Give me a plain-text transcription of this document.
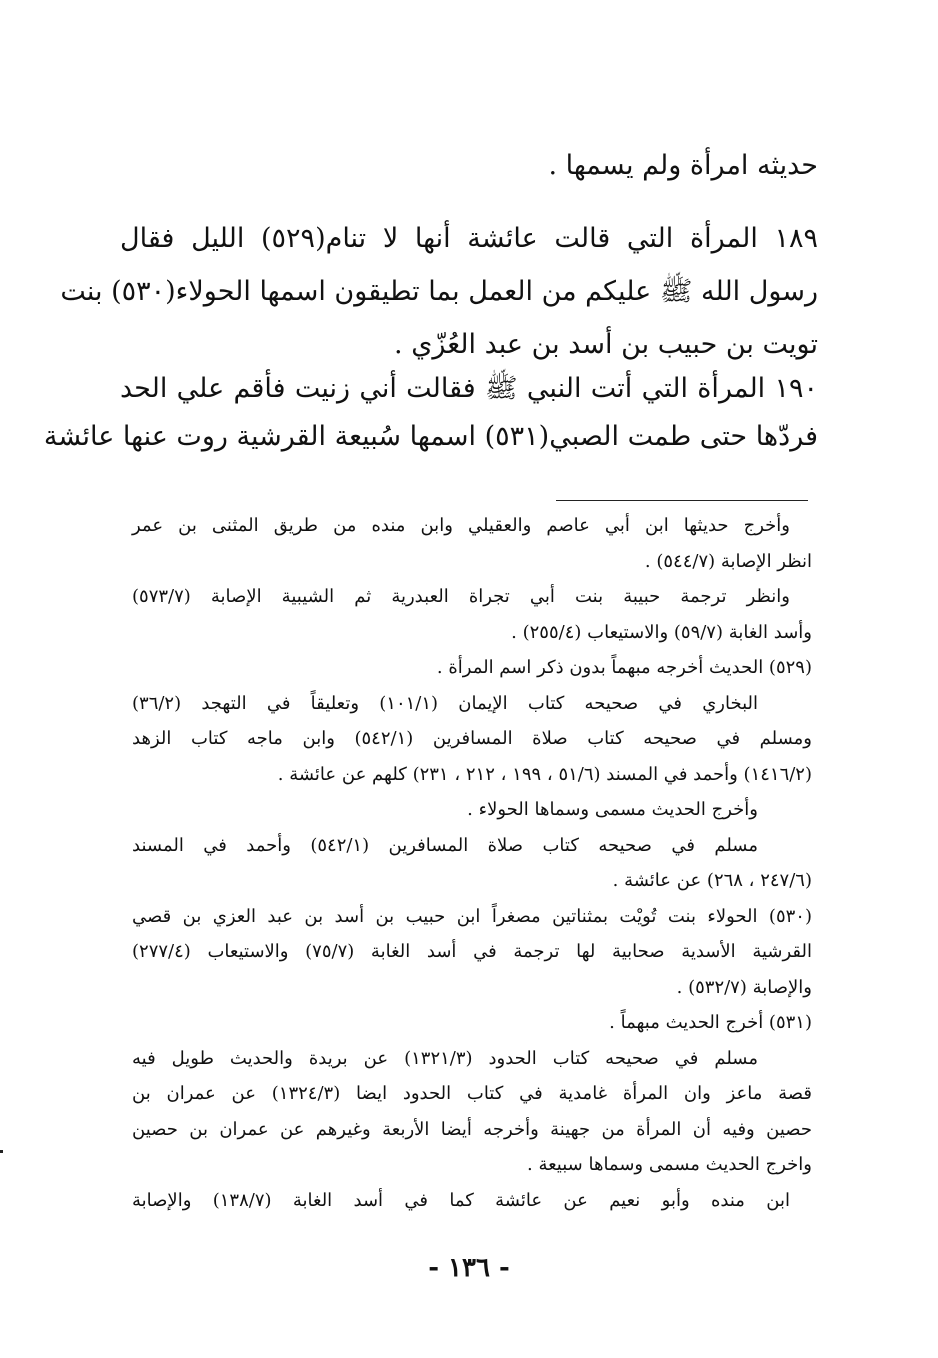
حديثه امرأة ولم يسمها .
١٨٩ المرأة التي قالت عائشة أنها لا تنام(٥٢٩) الليل فقال
رسول الله ﷺ عليكم من العمل بما تطيقون اسمها الحولاء(٥٣٠) بنت
تويت بن حبيب بن أسد بن عبد العُزّي .
١٩٠ المرأة التي أتت النبي ﷺ فقالت أني زنيت فأقم علي الحد
فردّها حتى طمت الصبي(٥٣١) اسمها سُبيعة القرشية روت عنها عائشة
وأخرج حديثها ابن أبي عاصم والعقيلي وابن منده من طريق المثنى بن عمر
انظر الإصابة (٥٤٤/٧) .
وانظر ترجمة حبيبة بنت أبي تجراة العبدرية ثم الشيبية الإصابة (٥٧٣/٧)
وأسد الغابة (٥٩/٧) والاستيعاب (٢٥٥/٤) .
(٥٢٩) الحديث أخرجه مبهماً بدون ذكر اسم المرأة .
البخاري في صحيحه كتاب الإيمان (١٠١/١) وتعليقاً في التهجد (٣٦/٢)
ومسلم في صحيحه كتاب صلاة المسافرين (٥٤٢/١) وابن ماجه كتاب الزهد
(١٤١٦/٢) وأحمد في المسند (٥١/٦ ، ١٩٩ ، ٢١٢ ، ٢٣١) كلهم عن عائشة .
وأخرج الحديث مسمى وسماها الحولاء .
مسلم في صحيحه كتاب صلاة المسافرين (٥٤٢/١) وأحمد في المسند
(٢٤٧/٦ ، ٢٦٨) عن عائشة .
(٥٣٠) الحولاء بنت تُويْت بمثناتين مصغراً ابن حبيب بن أسد بن عبد العزي بن قصي
القرشية الأسدية صحابية لها ترجمة في أسد الغابة (٧٥/٧) والاستيعاب (٢٧٧/٤)
والإصابة (٥٣٢/٧) .
(٥٣١) أخرج الحديث مبهماً .
مسلم في صحيحه كتاب الحدود (١٣٢١/٣) عن بريدة والحديث طويل فيه
قصة ماعز وان المرأة غامدية في كتاب الحدود ايضا (١٣٢٤/٣) عن عمران بن
حصين وفيه أن المرأة من جهينة وأخرجه أيضا الأربعة وغيرهم عن عمران بن حصين
واخرج الحديث مسمى وسماها سبيعة .
ابن منده وأبو نعيم عن عائشة كما في أسد الغابة (١٣٨/٧) والإصابة
- ١٣٦ -
